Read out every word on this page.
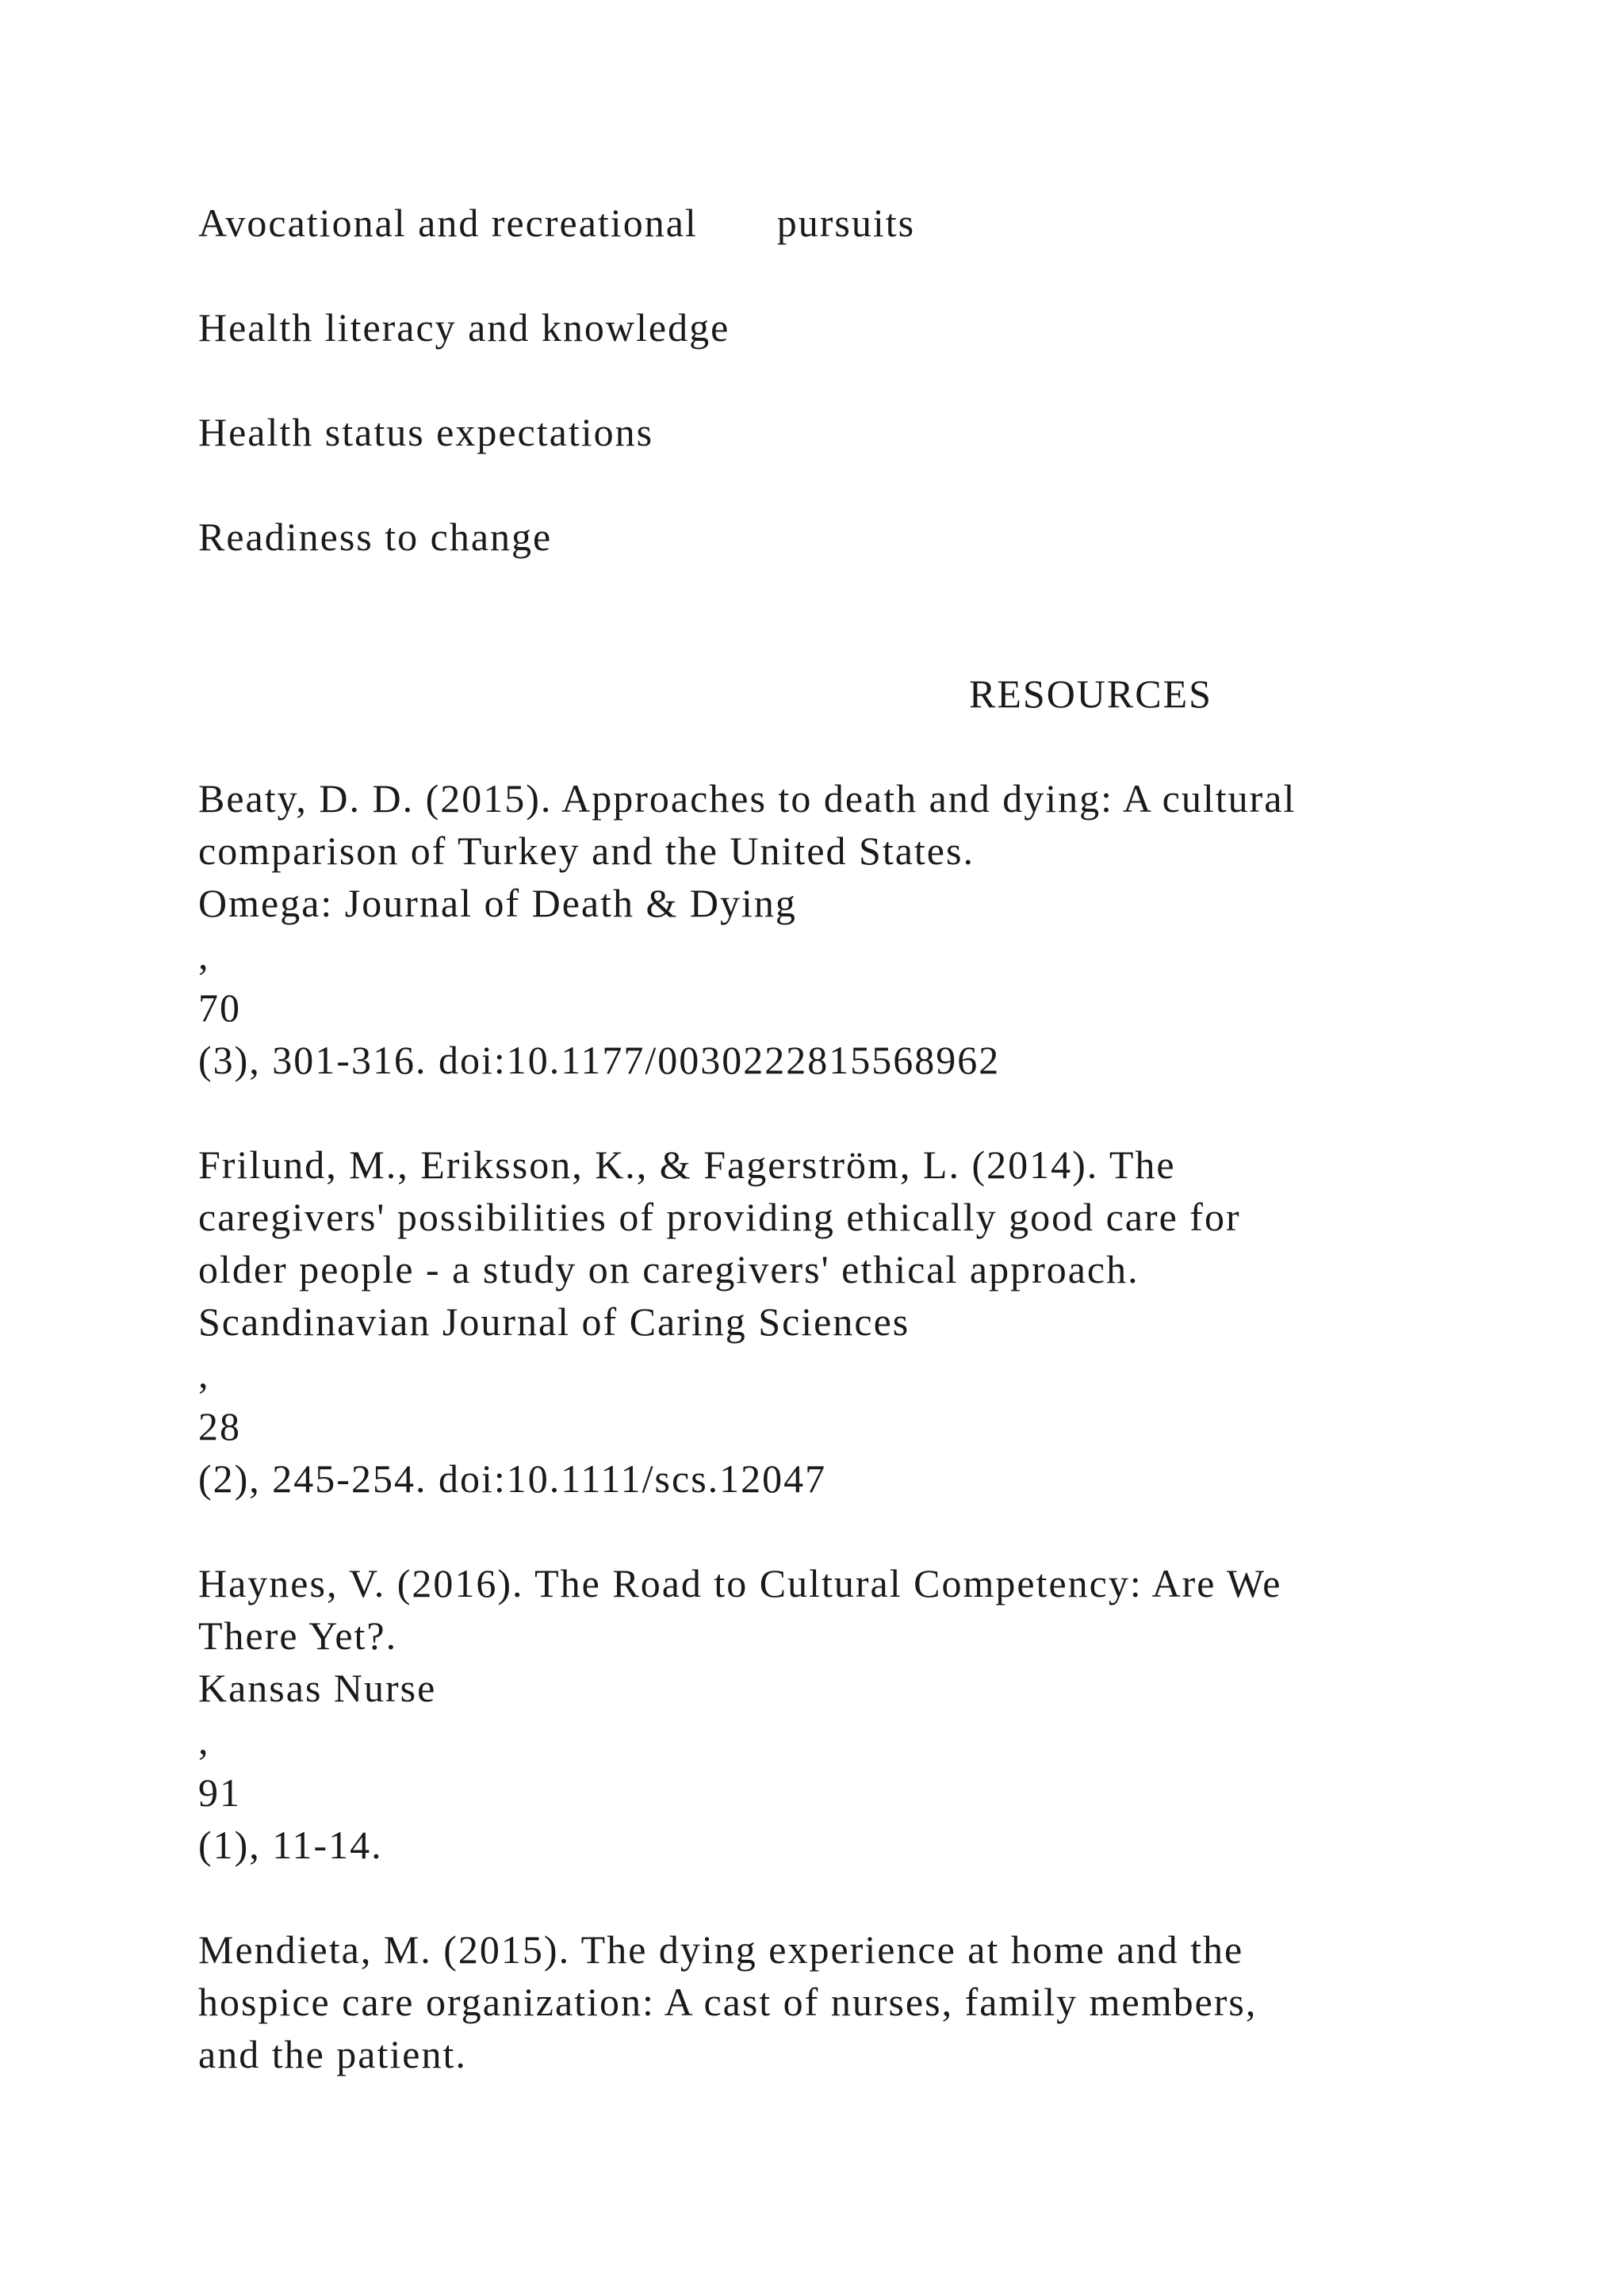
Avocational and recreational pursuits
Health literacy and knowledge
Health status expectations
Readiness to change
RESOURCES
Beaty, D. D. (2015). Approaches to death and dying: A cultural
comparison of Turkey and the United States.
Omega: Journal of Death & Dying
,
70
(3), 301-316. doi:10.1177/0030222815568962
Frilund, M., Eriksson, K., & Fagerström, L. (2014). The
caregivers' possibilities of providing ethically good care for
older people - a study on caregivers' ethical approach.
Scandinavian Journal of Caring Sciences
,
28
(2), 245-254. doi:10.1111/scs.12047
Haynes, V. (2016). The Road to Cultural Competency: Are We
There Yet?.
Kansas Nurse
,
91
(1), 11-14.
Mendieta, M. (2015). The dying experience at home and the
hospice care organization: A cast of nurses, family members,
and the patient.
